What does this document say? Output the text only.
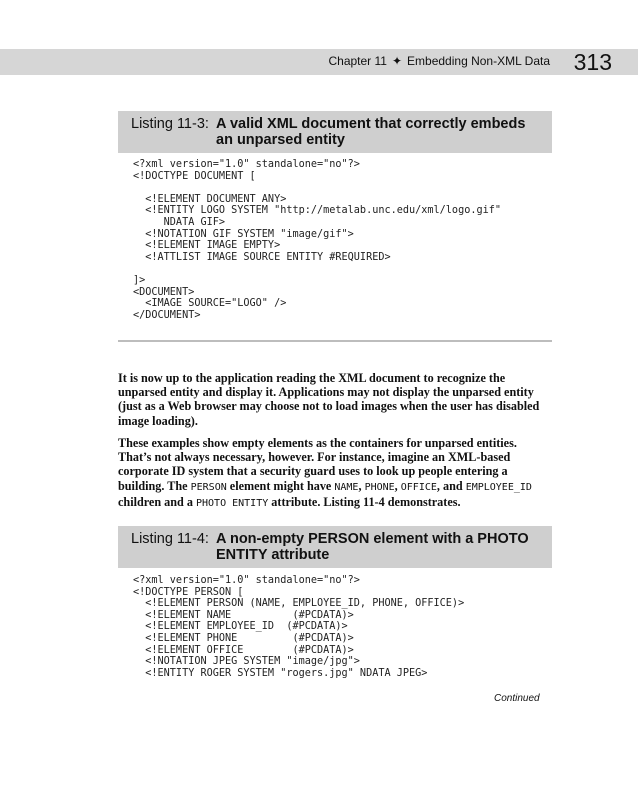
Chapter 11 ✦ Embedding Non-XML Data 313
Listing 11-3: A valid XML document that correctly embeds an unparsed entity
<?xml version="1.0" standalone="no"?>
<!DOCTYPE DOCUMENT [

<!ELEMENT DOCUMENT ANY>
<!ENTITY LOGO SYSTEM "http://metalab.unc.edu/xml/logo.gif"
NDATA GIF>
<!NOTATION GIF SYSTEM "image/gif">
<!ELEMENT IMAGE EMPTY>
<!ATTLIST IMAGE SOURCE ENTITY #REQUIRED>

]>
<DOCUMENT>
<IMAGE SOURCE="LOGO" />
</DOCUMENT>
It is now up to the application reading the XML document to recognize the unparsed entity and display it. Applications may not display the unparsed entity (just as a Web browser may choose not to load images when the user has disabled image loading).
These examples show empty elements as the containers for unparsed entities. That’s not always necessary, however. For instance, imagine an XML-based corporate ID system that a security guard uses to look up people entering a building. The PERSON element might have NAME, PHONE, OFFICE, and EMPLOYEE_ID children and a PHOTO ENTITY attribute. Listing 11-4 demonstrates.
Listing 11-4: A non-empty PERSON element with a PHOTO ENTITY attribute
<?xml version="1.0" standalone="no"?>
<!DOCTYPE PERSON [
<!ELEMENT PERSON (NAME, EMPLOYEE_ID, PHONE, OFFICE)>
<!ELEMENT NAME          (#PCDATA)>
<!ELEMENT EMPLOYEE_ID  (#PCDATA)>
<!ELEMENT PHONE         (#PCDATA)>
<!ELEMENT OFFICE        (#PCDATA)>
<!NOTATION JPEG SYSTEM "image/jpg">
<!ENTITY ROGER SYSTEM "rogers.jpg" NDATA JPEG>
Continued
